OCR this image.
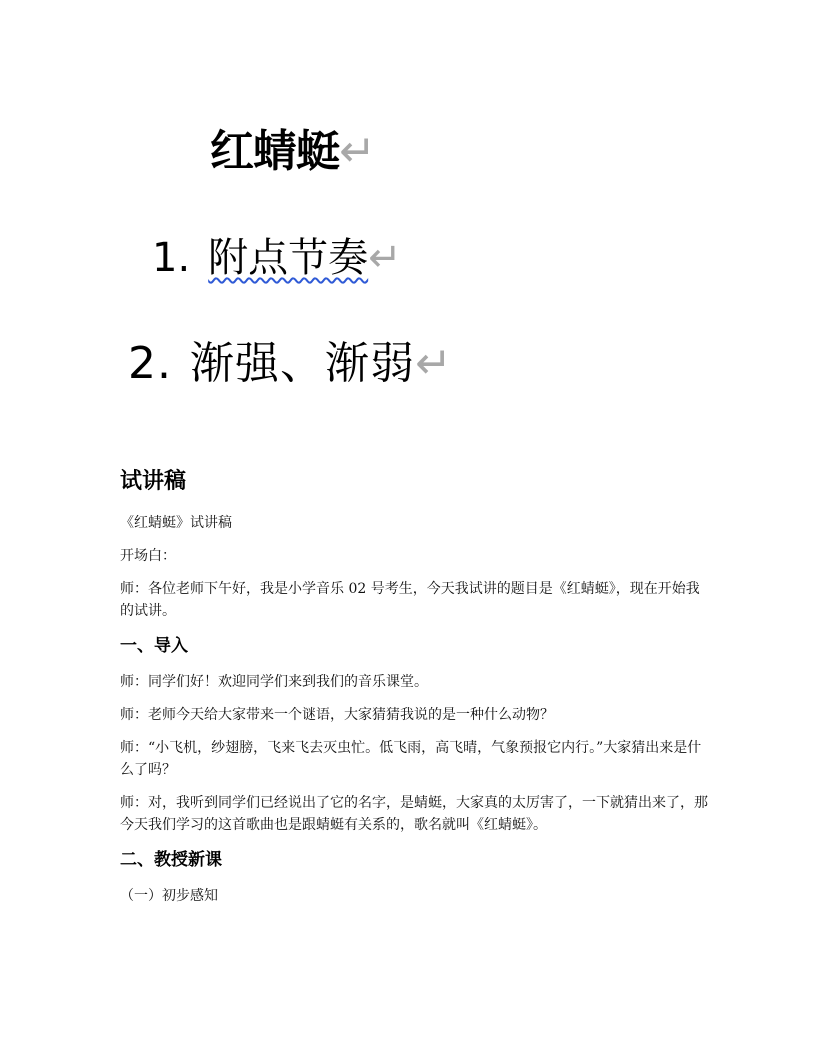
红蜻蜓↵
1. 附点节奏↵
2. 渐强、渐弱↵
试讲稿

《红蜻蜓》试讲稿

开场白：

师：各位老师下午好，我是小学音乐 02 号考生，今天我试讲的题目是《红蜻蜓》，现在开始我的试讲。

一、导入

师：同学们好！欢迎同学们来到我们的音乐课堂。

师：老师今天给大家带来一个谜语，大家猜猜我说的是一种什么动物？

师：“小飞机，纱翅膀，飞来飞去灭虫忙。低飞雨，高飞晴，气象预报它内行。”大家猜出来是什么了吗？

师：对，我听到同学们已经说出了它的名字，是蜻蜓，大家真的太厉害了，一下就猜出来了，那今天我们学习的这首歌曲也是跟蜻蜓有关系的，歌名就叫《红蜻蜓》。

二、教授新课

（一）初步感知
